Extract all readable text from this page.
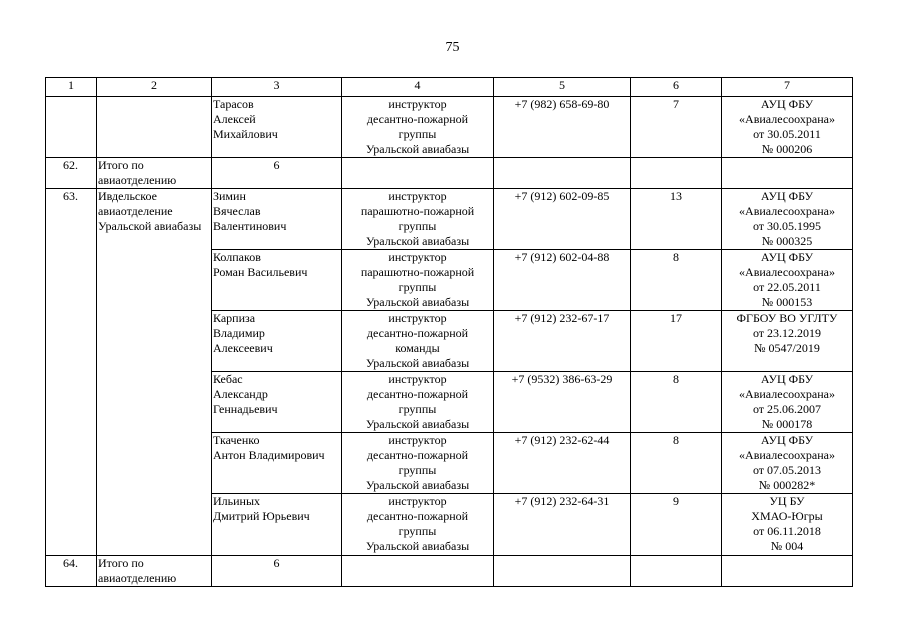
75
1	2	3	4	5	6	7
		Тарасов
Алексей
Михайлович	инструктор
десантно-пожарной
группы
Уральской авиабазы	+7 (982) 658-69-80	7	АУЦ ФБУ
«Авиалесоохрана»
от 30.05.2011
№ 000206
62.	Итого по
авиаотделению	6				
63.	Ивдельское
авиаотделение
Уральской авиабазы	Зимин
Вячеслав
Валентинович	инструктор
парашютно-пожарной
группы
Уральской авиабазы	+7 (912) 602-09-85	13	АУЦ ФБУ
«Авиалесоохрана»
от 30.05.1995
№ 000325
		Колпаков
Роман Васильевич	инструктор
парашютно-пожарной
группы
Уральской авиабазы	+7 (912) 602-04-88	8	АУЦ ФБУ
«Авиалесоохрана»
от 22.05.2011
№ 000153
		Карпиза
Владимир
Алексеевич	инструктор
десантно-пожарной
команды
Уральской авиабазы	+7 (912) 232-67-17	17	ФГБОУ ВО УГЛТУ
от 23.12.2019
№ 0547/2019
		Кебас
Александр
Геннадьевич	инструктор
десантно-пожарной
группы
Уральской авиабазы	+7 (9532) 386-63-29	8	АУЦ ФБУ
«Авиалесоохрана»
от 25.06.2007
№ 000178
		Ткаченко
Антон Владимирович	инструктор
десантно-пожарной
группы
Уральской авиабазы	+7 (912) 232-62-44	8	АУЦ ФБУ
«Авиалесоохрана»
от 07.05.2013
№ 000282*
		Ильиных
Дмитрий Юрьевич	инструктор
десантно-пожарной
группы
Уральской авиабазы	+7 (912) 232-64-31	9	УЦ БУ
ХМАО-Югры
от 06.11.2018
№ 004
64.	Итого по
авиаотделению	6				
